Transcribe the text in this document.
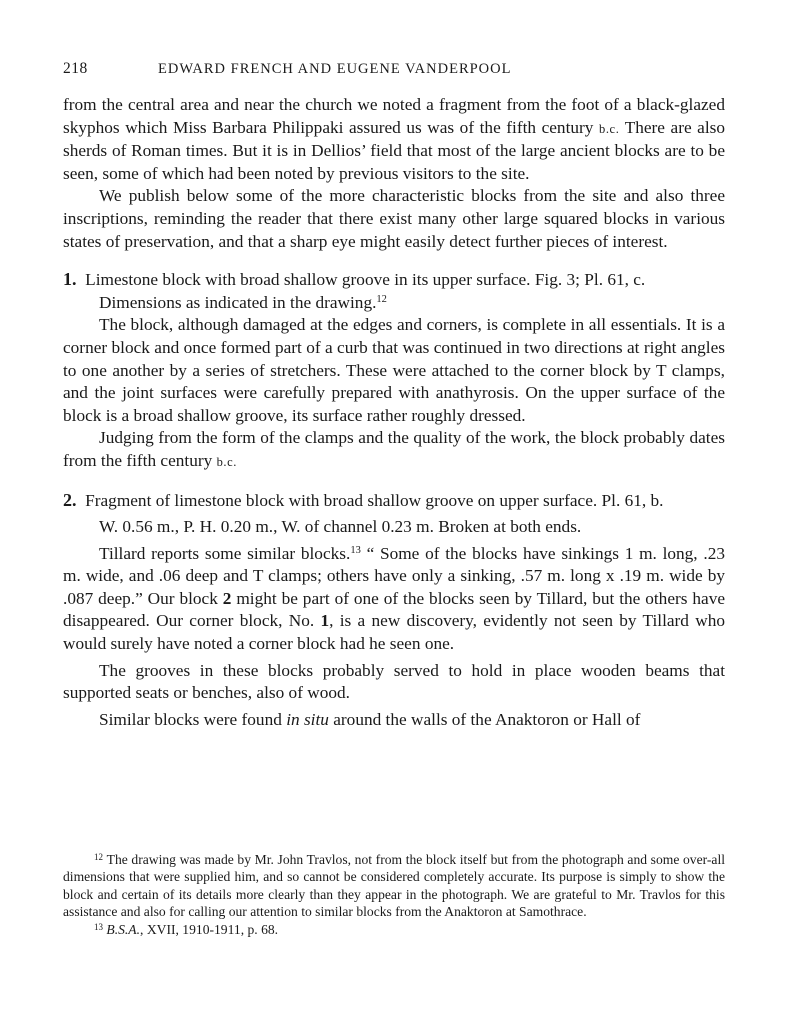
218	EDWARD FRENCH AND EUGENE VANDERPOOL

from the central area and near the church we noted a fragment from the foot of a black-glazed skyphos which Miss Barbara Philippaki assured us was of the fifth century b.c. There are also sherds of Roman times. But it is in Dellios’ field that most of the large ancient blocks are to be seen, some of which had been noted by previous visitors to the site.

We publish below some of the more characteristic blocks from the site and also three inscriptions, reminding the reader that there exist many other large squared blocks in various states of preservation, and that a sharp eye might easily detect further pieces of interest.

1. Limestone block with broad shallow groove in its upper surface. Fig. 3; Pl. 61, c.

Dimensions as indicated in the drawing.$^{12}$

The block, although damaged at the edges and corners, is complete in all essentials. It is a corner block and once formed part of a curb that was continued in two directions at right angles to one another by a series of stretchers. These were attached to the corner block by T clamps, and the joint surfaces were carefully prepared with anathyrosis. On the upper surface of the block is a broad shallow groove, its surface rather roughly dressed.

Judging from the form of the clamps and the quality of the work, the block probably dates from the fifth century b.c.

2. Fragment of limestone block with broad shallow groove on upper surface. Pl. 61, b.

W. 0.56 m., P. H. 0.20 m., W. of channel 0.23 m. Broken at both ends.

Tillard reports some similar blocks.$^{13}$ “ Some of the blocks have sinkings 1 m. long, .23 m. wide, and .06 deep and T clamps; others have only a sinking, .57 m. long x .19 m. wide by .087 deep.” Our block 2 might be part of one of the blocks seen by Tillard, but the others have disappeared. Our corner block, No. 1, is a new discovery, evidently not seen by Tillard who would surely have noted a corner block had he seen one.

The grooves in these blocks probably served to hold in place wooden beams that supported seats or benches, also of wood.

Similar blocks were found in situ around the walls of the Anaktoron or Hall of

$^{12}$ The drawing was made by Mr. John Travlos, not from the block itself but from the photograph and some over-all dimensions that were supplied him, and so cannot be considered completely accurate. Its purpose is simply to show the block and certain of its details more clearly than they appear in the photograph. We are grateful to Mr. Travlos for this assistance and also for calling our attention to similar blocks from the Anaktoron at Samothrace.

$^{13}$ B.S.A., XVII, 1910-1911, p. 68.
